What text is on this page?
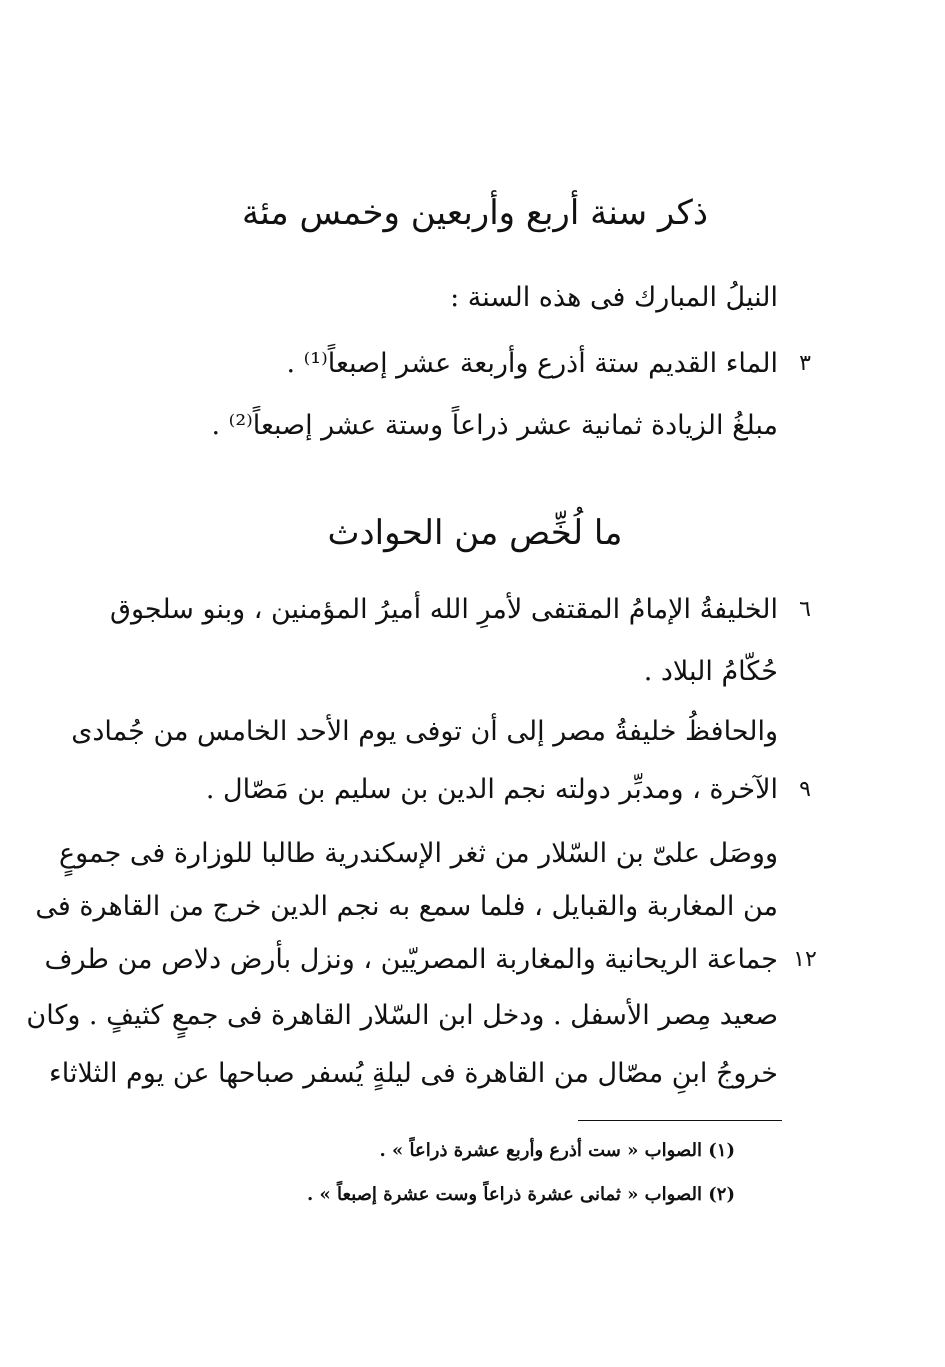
ذكر سنة أربع وأربعين وخمس مئة
النيلُ المبارك فى هذه السنة :
٣
الماء القديم ستة أذرع وأربعة عشر إصبعاً⁽¹⁾ .
مبلغُ الزيادة ثمانية عشر ذراعاً وستة عشر إصبعاً⁽²⁾ .
ما لُخِّص من الحوادث
٦
الخليفةُ الإمامُ المقتفى لأمرِ الله أميرُ المؤمنين ، وبنو سلجوق
حُكّامُ البلاد .
والحافظُ خليفةُ مصر إلى أن توفى يوم الأحد الخامس من جُمادى
٩
الآخرة ، ومدبِّر دولته نجم الدين بن سليم بن مَصّال .
ووصَل علىّ بن السّلار من ثغر الإسكندرية طالبا للوزارة فى جموعٍ
من المغاربة والقبايل ، فلما سمع به نجم الدين خرج من القاهرة فى
١٢
جماعة الريحانية والمغاربة المصريّين ، ونزل بأرض دلاص من طرف
صعيد مِصر الأسفل . ودخل ابن السّلار القاهرة فى جمعٍ كثيفٍ . وكان
خروجُ ابنِ مصّال من القاهرة فى ليلةٍ يُسفر صباحها عن يوم الثلاثاء
(١) الصواب « ست أذرع وأربع عشرة ذراعاً » .
(٢) الصواب « ثمانى عشرة ذراعاً وست عشرة إصبعاً » .
